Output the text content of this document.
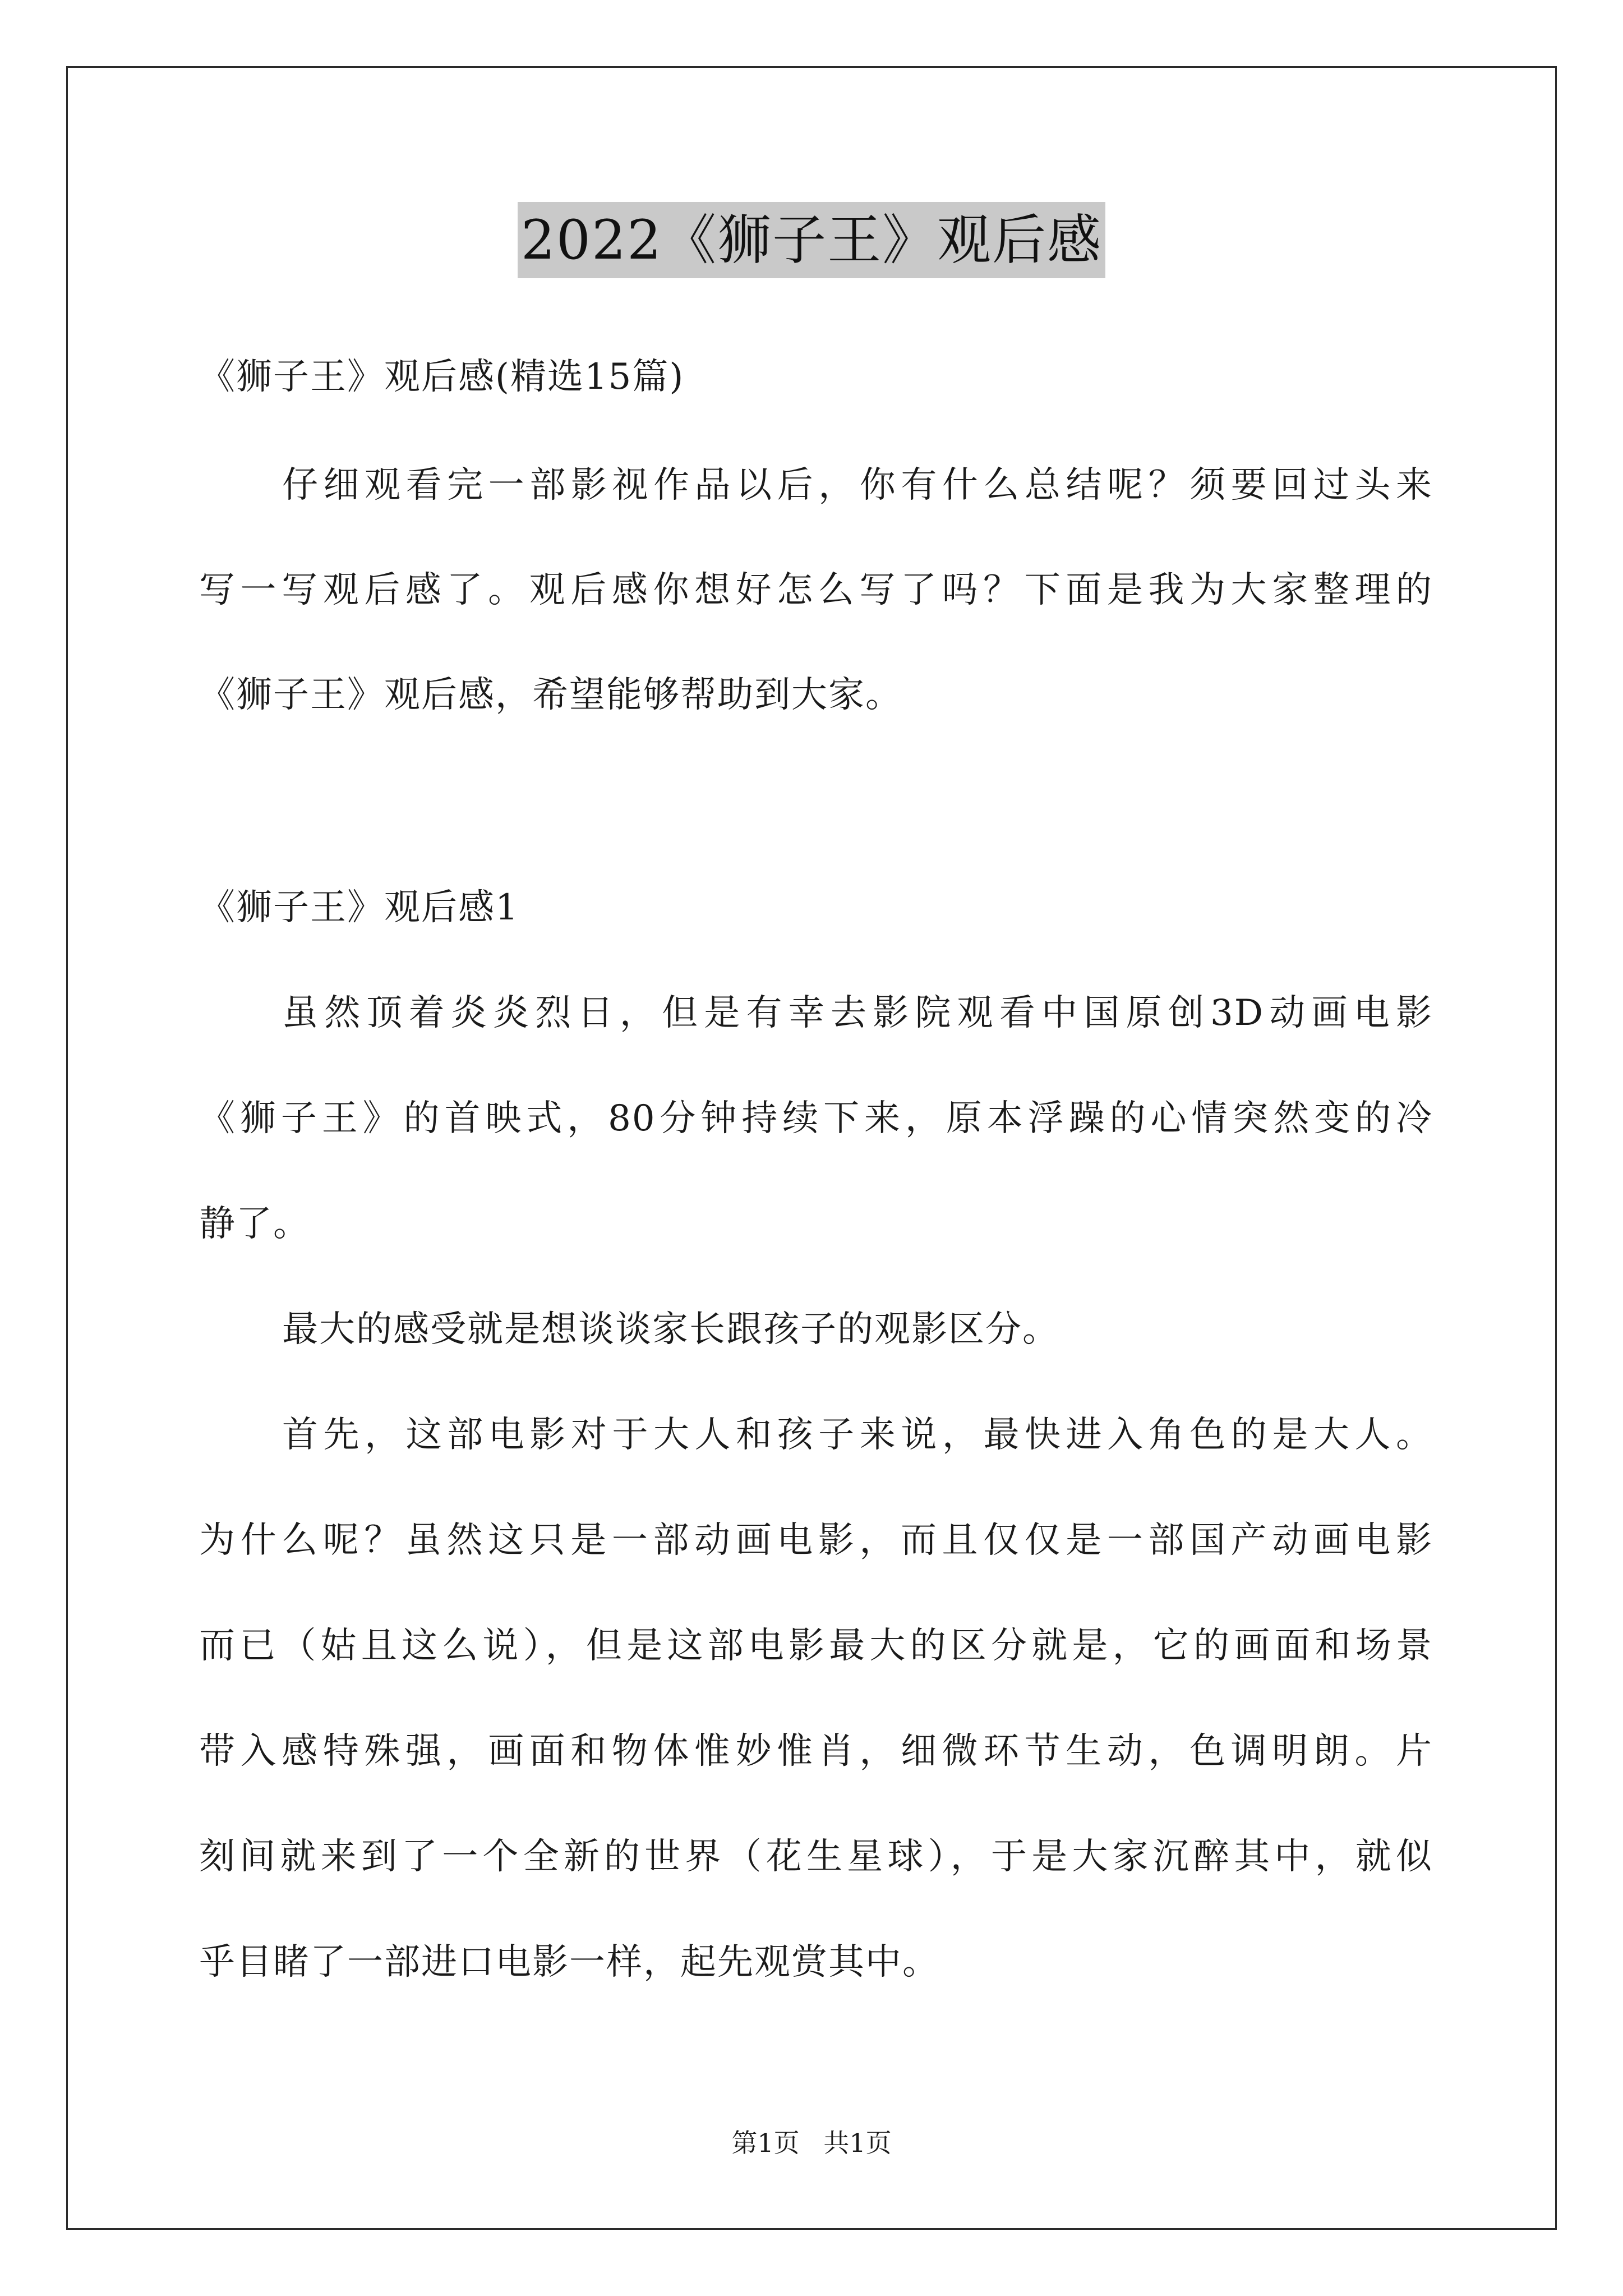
2022《狮子王》观后感
《狮子王》观后感(精选15篇)
仔细观看完一部影视作品以后，你有什么总结呢？须要回过头来
写一写观后感了。观后感你想好怎么写了吗？下面是我为大家整理的
《狮子王》观后感，希望能够帮助到大家。
《狮子王》观后感1
虽然顶着炎炎烈日，但是有幸去影院观看中国原创3D动画电影
《狮子王》的首映式，80分钟持续下来，原本浮躁的心情突然变的冷
静了。
最大的感受就是想谈谈家长跟孩子的观影区分。
首先，这部电影对于大人和孩子来说，最快进入角色的是大人。
为什么呢？虽然这只是一部动画电影，而且仅仅是一部国产动画电影
而已（姑且这么说），但是这部电影最大的区分就是，它的画面和场景
带入感特殊强，画面和物体惟妙惟肖，细微环节生动，色调明朗。片
刻间就来到了一个全新的世界（花生星球），于是大家沉醉其中，就似
乎目睹了一部进口电影一样，起先观赏其中。
第1页 共1页
